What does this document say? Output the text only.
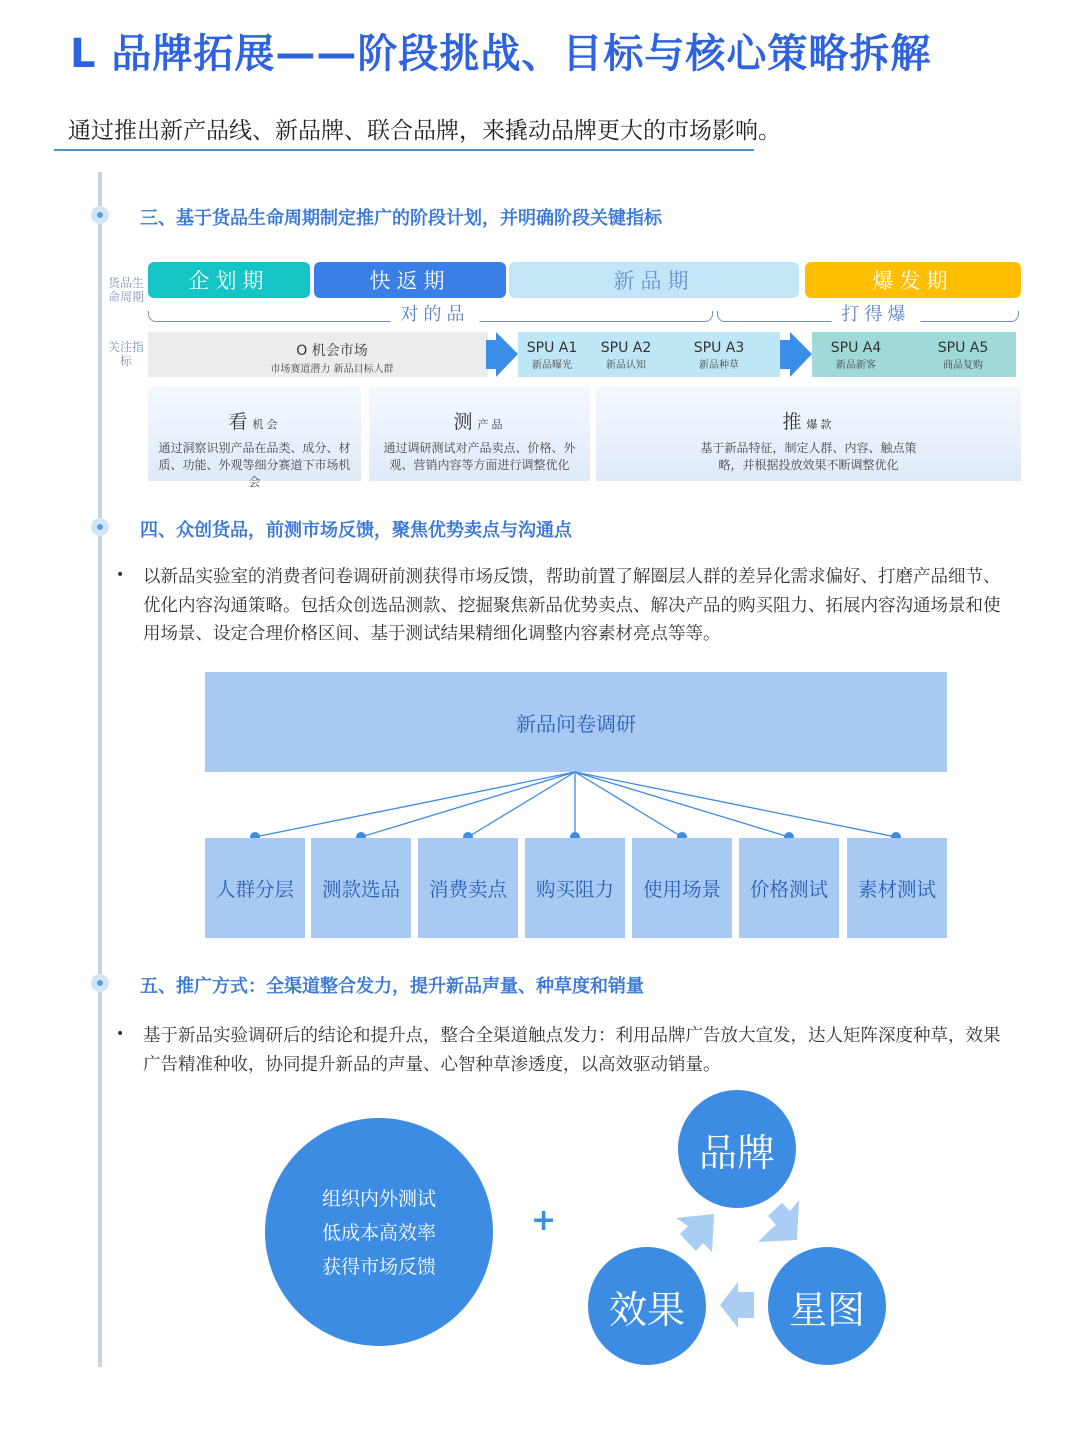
L 品牌拓展——阶段挑战、目标与核心策略拆解
通过推出新产品线、新品牌、联合品牌，来撬动品牌更大的市场影响。
三、基于货品生命周期制定推广的阶段计划，并明确阶段关键指标
货品生命周期
关注指标
企划期	快返期	新品期	爆发期
对的品	打得爆
O 机会市场
市场赛道潜力 新品目标人群
SPU A1
新品曝光
SPU A2
新品认知
SPU A3
新品种草
SPU A4
新品新客
SPU A5
商品复购
看 机会
通过洞察识别产品在品类、成分、材质、功能、外观等细分赛道下市场机会
测 产品
通过调研测试对产品卖点、价格、外观、营销内容等方面进行调整优化
推 爆款
基于新品特征，制定人群、内容、触点策略，并根据投放效果不断调整优化
四、众创货品，前测市场反馈，聚焦优势卖点与沟通点
• 以新品实验室的消费者问卷调研前测获得市场反馈，帮助前置了解圈层人群的差异化需求偏好、打磨产品细节、优化内容沟通策略。包括众创选品测款、挖掘聚焦新品优势卖点、解决产品的购买阻力、拓展内容沟通场景和使用场景、设定合理价格区间、基于测试结果精细化调整内容素材亮点等等。
新品问卷调研
人群分层	测款选品	消费卖点	购买阻力	使用场景	价格测试	素材测试
五、推广方式：全渠道整合发力，提升新品声量、种草度和销量
• 基于新品实验调研后的结论和提升点，整合全渠道触点发力：利用品牌广告放大宣发，达人矩阵深度种草，效果广告精准种收，协同提升新品的声量、心智种草渗透度，以高效驱动销量。
组织内外测试
低成本高效率
获得市场反馈
+
品牌
星图
效果
